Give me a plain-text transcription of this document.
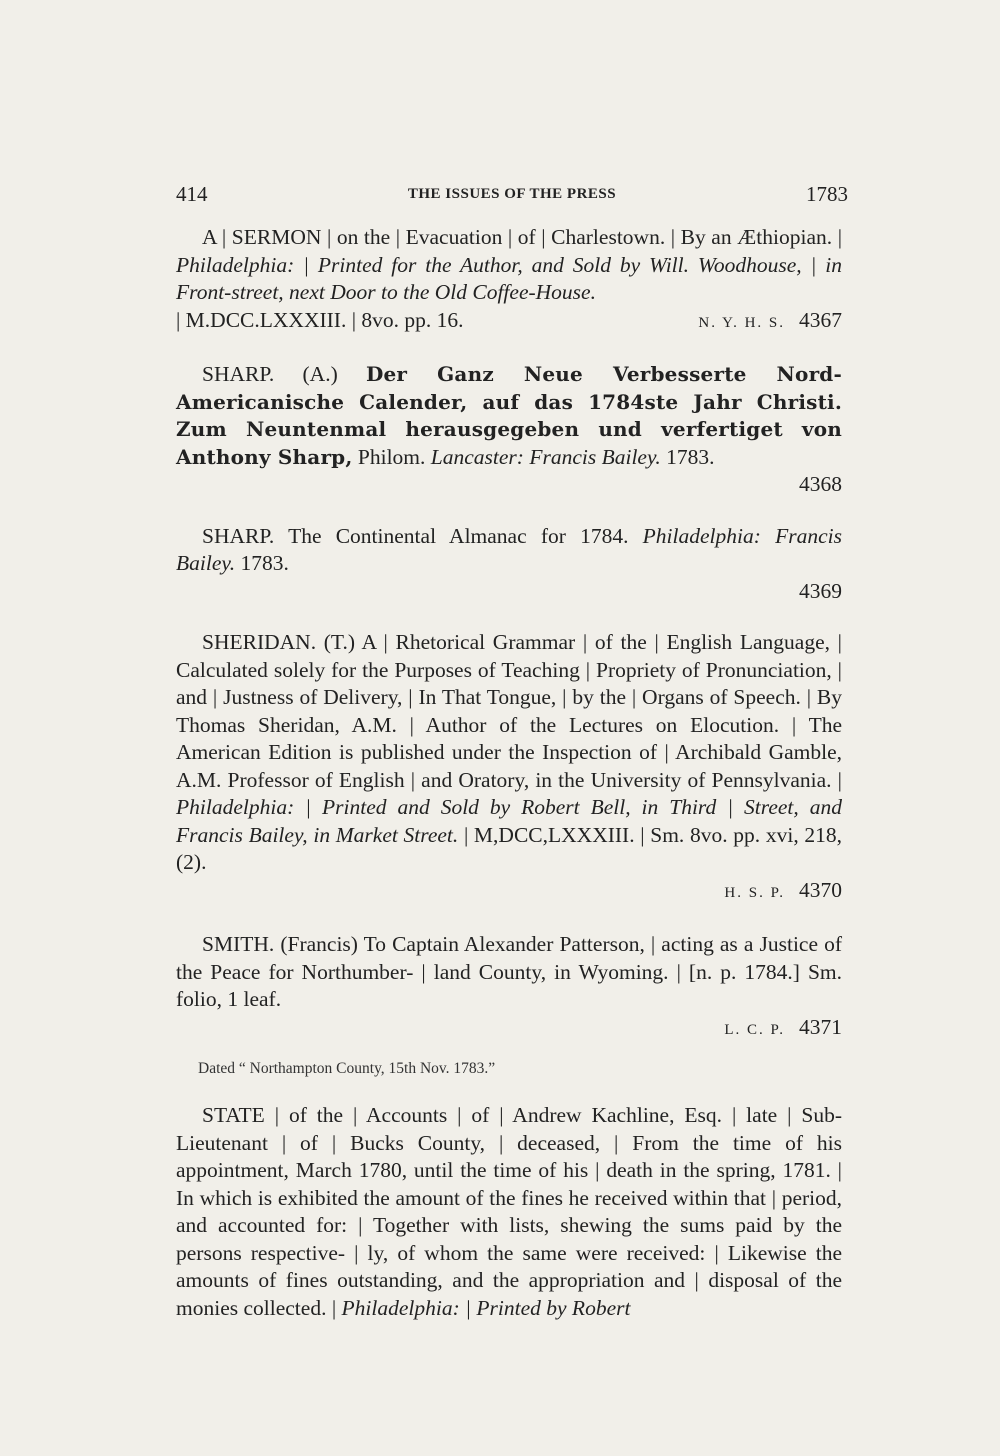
414	THE ISSUES OF THE PRESS	1783

A | SERMON | on the | Evacuation | of | Charlestown. | By an Æthiopian. | Philadelphia: | Printed for the Author, and Sold by Will. Woodhouse, | in Front-street, next Door to the Old Coffee-House.
| M.DCC.LXXXIII. | 8vo. pp. 16.	N. Y. H. S. 4367

SHARP. (A.) Der Ganz Neue Verbesserte Nord-Americanische Calender, auf das 1784ste Jahr Christi. Zum Neuntenmal herausgegeben und verfertiget von Anthony Sharp, Philom. Lancaster: Francis Bailey. 1783.
4368

SHARP. The Continental Almanac for 1784. Philadelphia: Francis Bailey. 1783.
4369

SHERIDAN. (T.) A | Rhetorical Grammar | of the | English Language, | Calculated solely for the Purposes of Teaching | Propriety of Pronunciation, | and | Justness of Delivery, | In That Tongue, | by the | Organs of Speech. | By Thomas Sheridan, A.M. | Author of the Lectures on Elocution. | The American Edition is published under the Inspection of | Archibald Gamble, A.M. Professor of English | and Oratory, in the University of Pennsylvania. | Philadelphia: | Printed and Sold by Robert Bell, in Third | Street, and Francis Bailey, in Market Street. | M,DCC,LXXXIII. | Sm. 8vo. pp. xvi, 218, (2).
H. S. P. 4370

SMITH. (Francis) To Captain Alexander Patterson, | acting as a Justice of the Peace for Northumber- | land County, in Wyoming. | [n. p. 1784.] Sm. folio, 1 leaf.
L. C. P. 4371

Dated “ Northampton County, 15th Nov. 1783.”

STATE | of the | Accounts | of | Andrew Kachline, Esq. | late | Sub-Lieutenant | of | Bucks County, | deceased, | From the time of his appointment, March 1780, until the time of his | death in the spring, 1781. | In which is exhibited the amount of the fines he received within that | period, and accounted for: | Together with lists, shewing the sums paid by the persons respective- | ly, of whom the same were received: | Likewise the amounts of fines outstanding, and the appropriation and | disposal of the monies collected. | Philadelphia: | Printed by Robert
